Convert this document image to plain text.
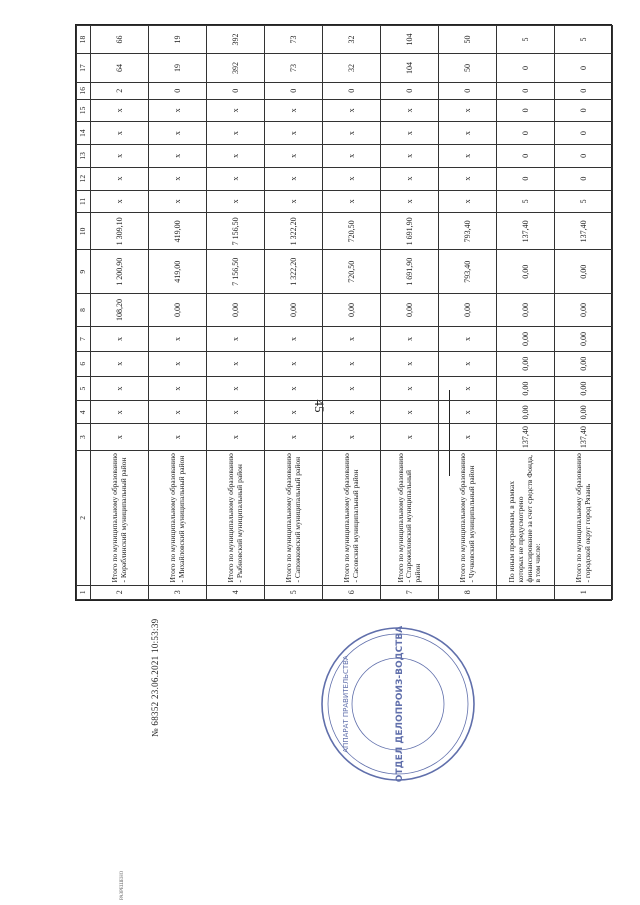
45
1	2	3	4	5	6	7	8	9	10	11	12	13	14	15	16	17	18
2	Итого по муниципальному образованию - Кораблинский муниципальный район	x	x	x	x	x	108,20	1 200,90	1 309,10	x	x	x	x	x	2	64	66
3	Итого по муниципальному образованию - Михайловский муниципальный район	x	x	x	x	x	0,00	419,00	419,00	x	x	x	x	x	0	19	19
4	Итого по муниципальному образованию - Рыбновский муниципальный район	x	x	x	x	x	0,00	7 156,50	7 156,50	x	x	x	x	x	0	392	392
5	Итого по муниципальному образованию - Сапожковский муниципальный район	x	x	x	x	x	0,00	1 322,20	1 322,20	x	x	x	x	x	0	73	73
6	Итого по муниципальному образованию - Сасовский муниципальный район	x	x	x	x	x	0,00	720,50	720,50	x	x	x	x	x	0	32	32
7	Итого по муниципальному образованию - Старожиловский муниципальный район	x	x	x	x	x	0,00	1 691,90	1 691,90	x	x	x	x	x	0	104	104
8	Итого по муниципальному образованию - Чучковский муниципальный район	x	x	x	x	x	0,00	793,40	793,40	x	x	x	x	x	0	50	50
	По иным программам, в рамках которых не предусмотрено финансирование за счет средств Фонда, в том числе:	137,40	0,00	0,00	0,00	0,00	0,00	0,00	137,40	5	0	0	0	0	0	0	5
1	Итого по муниципальному образованию - городской округ город Рязань	137,40	0,00	0,00	0,00	0,00	0,00	0,00	137,40	5	0	0	0	0	0	0	5
АППАРАТ ПРАВИТЕЛЬСТВА	ОТДЕЛ ДЕЛОПРОИЗ-ВОДСТВА
№ 68352 23.06.2021 10:53:39
РАЗРЕШЕНО
